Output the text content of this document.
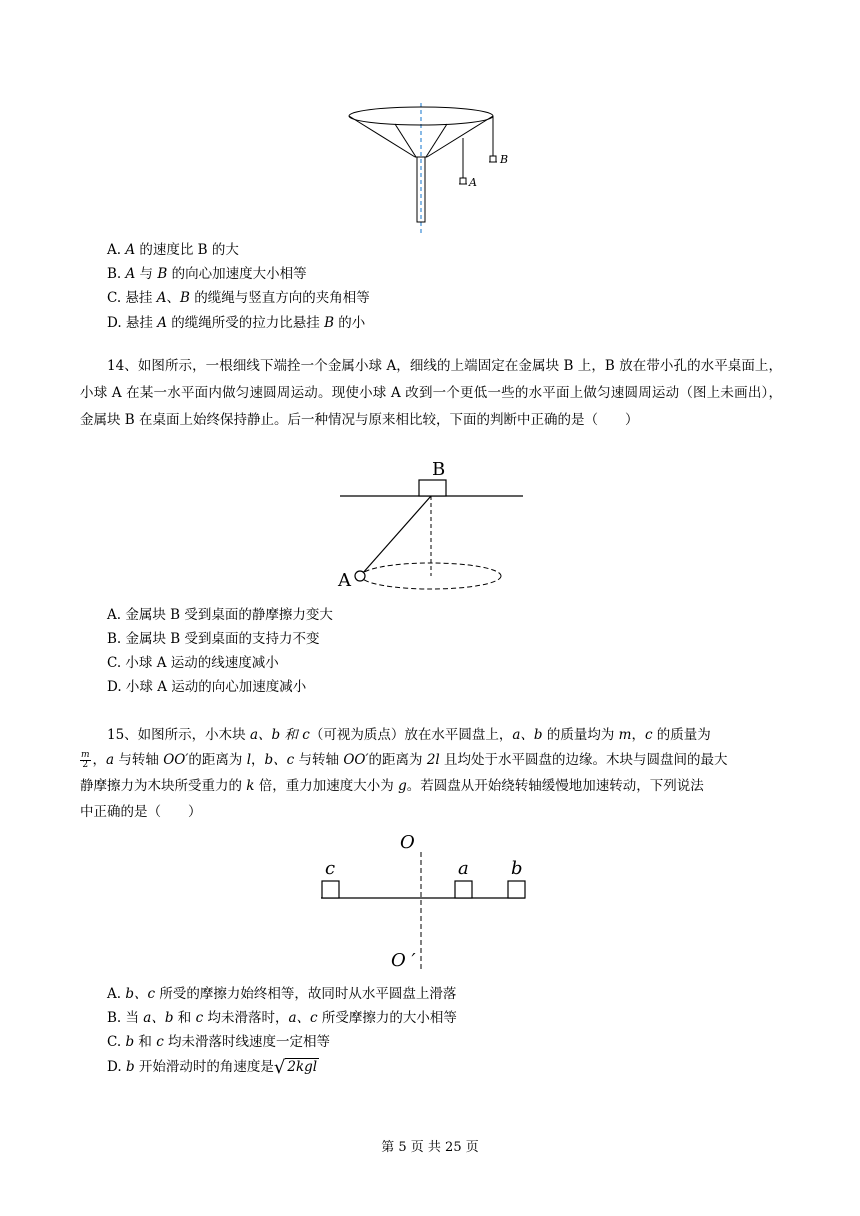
A
B
A. A 的速度比 B 的大
B. A 与 B 的向心加速度大小相等
C. 悬挂 A、B 的缆绳与竖直方向的夹角相等
D. 悬挂 A 的缆绳所受的拉力比悬挂 B 的小
14、如图所示，一根细线下端拴一个金属小球 A，细线的上端固定在金属块 B 上，B 放在带小孔的水平桌面上，小球 A 在某一水平面内做匀速圆周运动。现使小球 A 改到一个更低一些的水平面上做匀速圆周运动（图上未画出），金属块 B 在桌面上始终保持静止。后一种情况与原来相比较，下面的判断中正确的是（　　）
B
A
A. 金属块 B 受到桌面的静摩擦力变大
B. 金属块 B 受到桌面的支持力不变
C. 小球 A 运动的线速度减小
D. 小球 A 运动的向心加速度减小
15、如图所示，小木块 a、b 和 c（可视为质点）放在水平圆盘上，a、b 的质量均为 m，c 的质量为
$\frac{m}{2}$ ，a 与转轴 OO′的距离为 l，b、c 与转轴 OO′的距离为 2l 且均处于水平圆盘的边缘。木块与圆盘间的最大
静摩擦力为木块所受重力的 k 倍，重力加速度大小为 g。若圆盘从开始绕转轴缓慢地加速转动，下列说法
中正确的是（　　）
O
O ′
c	a b
A. b、c 所受的摩擦力始终相等，故同时从水平圆盘上滑落
B. 当 a、b 和 c 均未滑落时，a、c 所受摩擦力的大小相等
C. b 和 c 均未滑落时线速度一定相等
D. b 开始滑动时的角速度是√ 2kgl
第 5 页 共 25 页
